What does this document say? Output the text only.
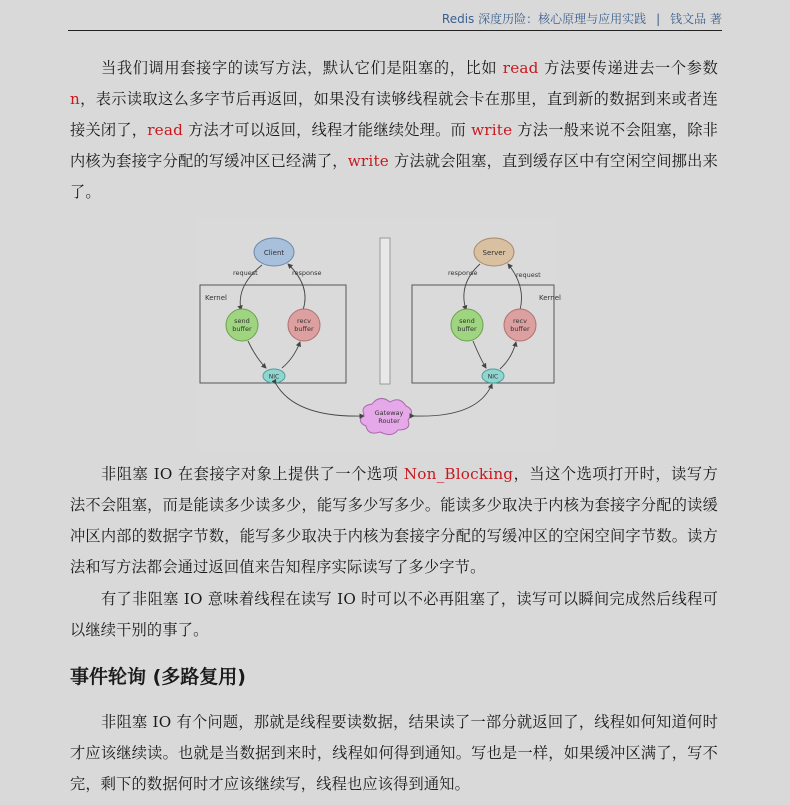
Redis 深度历险：核心原理与应用实践 | 钱文品 著

当我们调用套接字的读写方法，默认它们是阻塞的，比如 read 方法要传递进去一个参数 n，表示读取这么多字节后再返回，如果没有读够线程就会卡在那里，直到新的数据到来或者连接关闭了，read 方法才可以返回，线程才能继续处理。而 write 方法一般来说不会阻塞，除非内核为套接字分配的写缓冲区已经满了，write 方法就会阻塞，直到缓存区中有空闲空间挪出来了。

Kernel
Client
request	response
send
buffer
recv
buffer
NIC
Kernel
Server
response	request
send
buffer
recv
buffer
NIC
Gateway
Router

非阻塞 IO 在套接字对象上提供了一个选项 Non_Blocking，当这个选项打开时，读写方法不会阻塞，而是能读多少读多少，能写多少写多少。能读多少取决于内核为套接字分配的读缓冲区内部的数据字节数，能写多少取决于内核为套接字分配的写缓冲区的空闲空间字节数。读方法和写方法都会通过返回值来告知程序实际读写了多少字节。

有了非阻塞 IO 意味着线程在读写 IO 时可以不必再阻塞了，读写可以瞬间完成然后线程可以继续干别的事了。

事件轮询 (多路复用)

非阻塞 IO 有个问题，那就是线程要读数据，结果读了一部分就返回了，线程如何知道何时才应该继续读。也就是当数据到来时，线程如何得到通知。写也是一样，如果缓冲区满了，写不完，剩下的数据何时才应该继续写，线程也应该得到通知。
